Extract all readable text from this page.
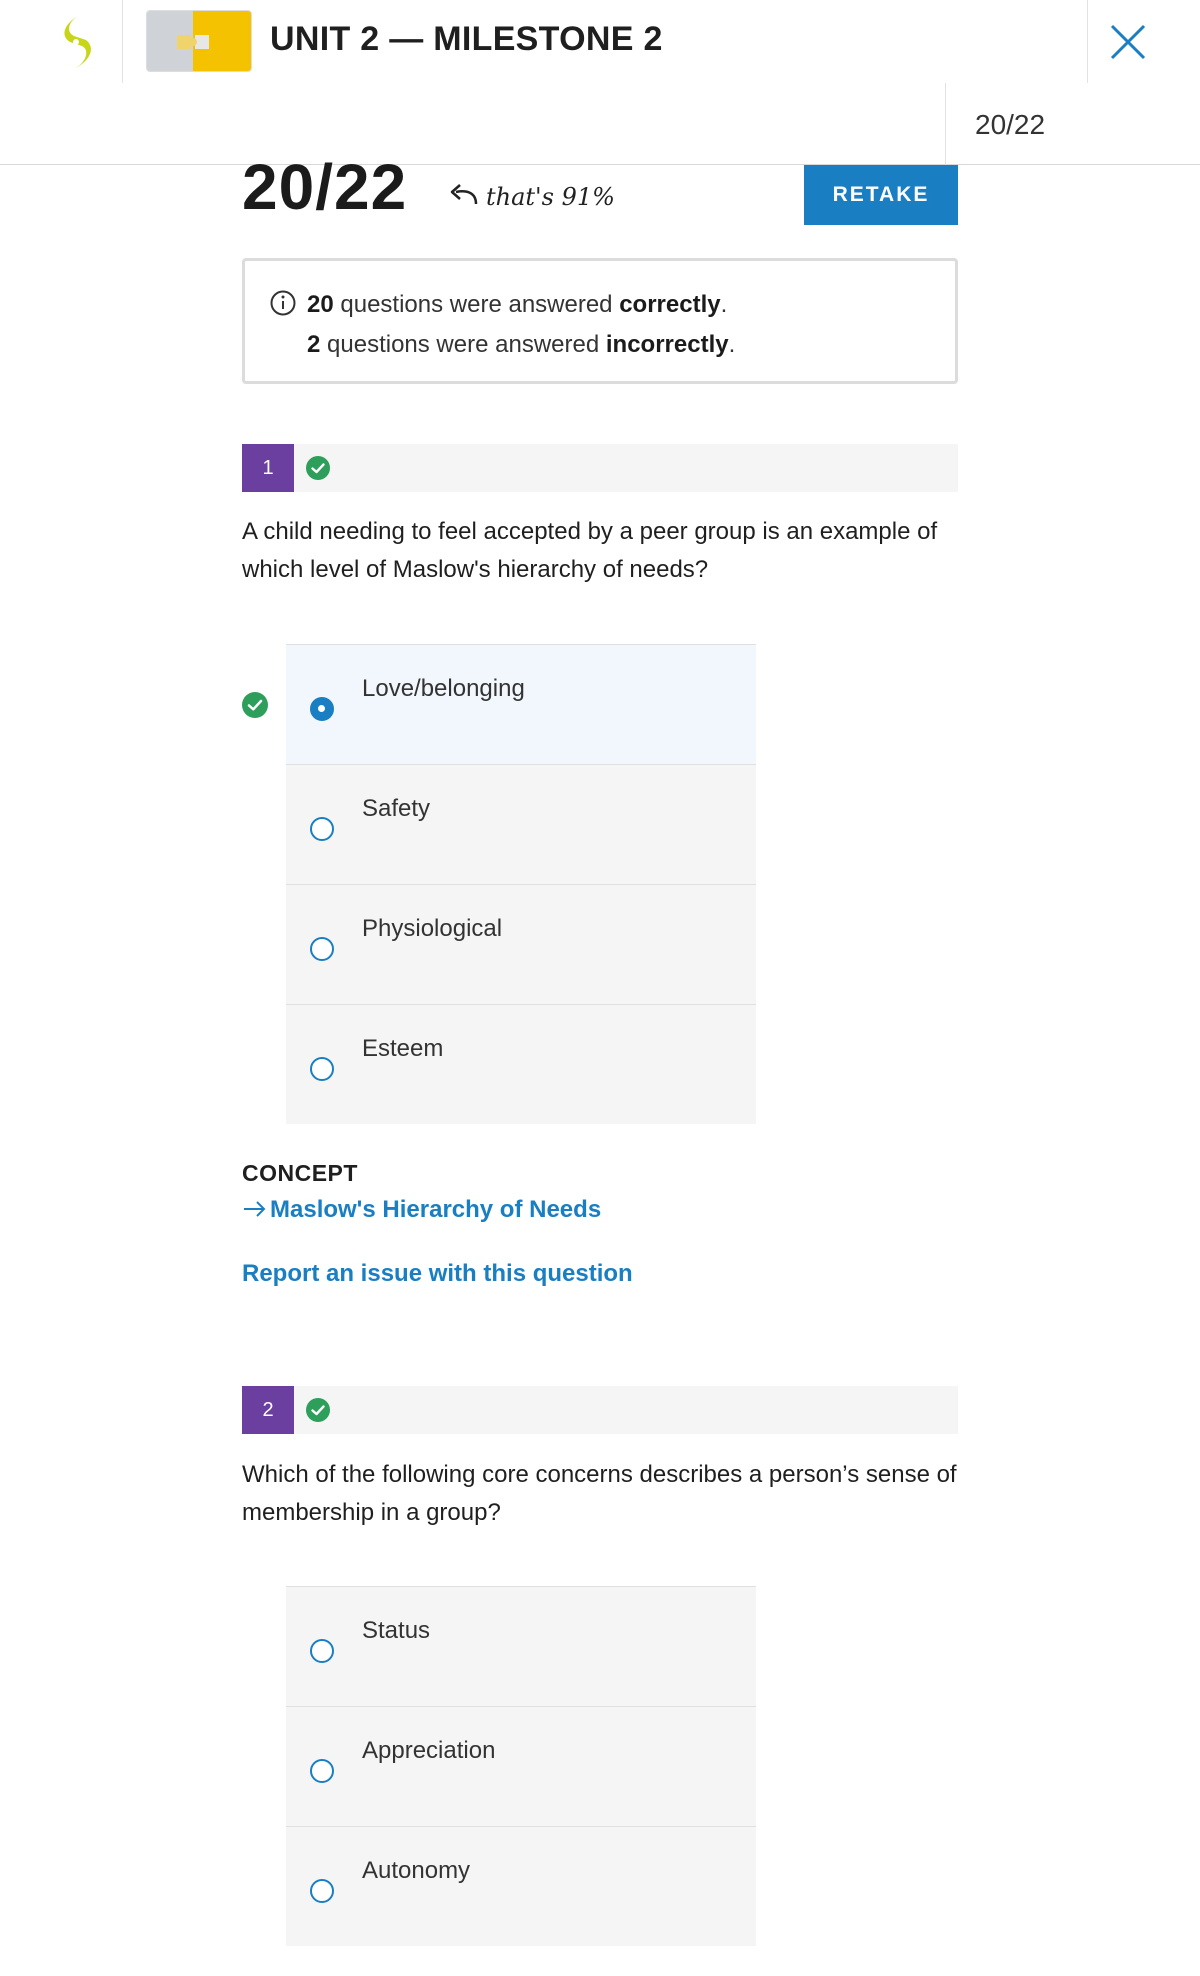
UNIT 2 — MILESTONE 2
20/22
20/22	that's 91%	RETAKE
20 questions were answered correctly.
2 questions were answered incorrectly.
1
A child needing to feel accepted by a peer group is an example of which level of Maslow's hierarchy of needs?
Love/belonging
Safety
Physiological
Esteem
CONCEPT
Maslow's Hierarchy of Needs
Report an issue with this question
2
Which of the following core concerns describes a person’s sense of membership in a group?
Status
Appreciation
Autonomy
